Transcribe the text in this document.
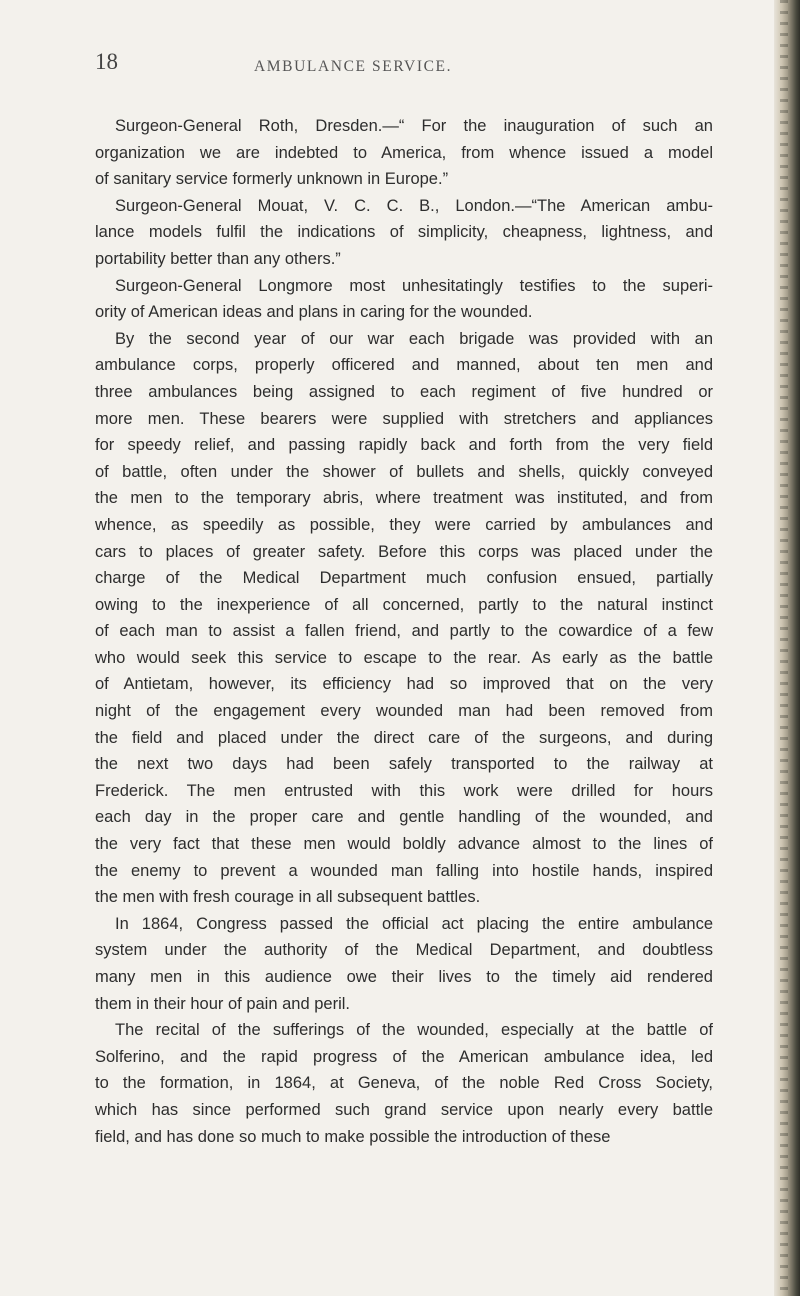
18	AMBULANCE SERVICE.
Surgeon-General Roth, Dresden.—“ For the inauguration of such an
organization we are indebted to America, from whence issued a model
of sanitary service formerly unknown in Europe.”
Surgeon-General Mouat, V. C. C. B., London.—“The American ambu-
lance models fulfil the indications of simplicity, cheapness, lightness, and
portability better than any others.”
Surgeon-General Longmore most unhesitatingly testifies to the superi-
ority of American ideas and plans in caring for the wounded.
By the second year of our war each brigade was provided with an
ambulance corps, properly officered and manned, about ten men and
three ambulances being assigned to each regiment of five hundred or
more men. These bearers were supplied with stretchers and appliances
for speedy relief, and passing rapidly back and forth from the very field
of battle, often under the shower of bullets and shells, quickly conveyed
the men to the temporary abris, where treatment was instituted, and from
whence, as speedily as possible, they were carried by ambulances and
cars to places of greater safety. Before this corps was placed under the
charge of the Medical Department much confusion ensued, partially
owing to the inexperience of all concerned, partly to the natural instinct
of each man to assist a fallen friend, and partly to the cowardice of a few
who would seek this service to escape to the rear. As early as the battle
of Antietam, however, its efficiency had so improved that on the very
night of the engagement every wounded man had been removed from
the field and placed under the direct care of the surgeons, and during
the next two days had been safely transported to the railway at
Frederick. The men entrusted with this work were drilled for hours
each day in the proper care and gentle handling of the wounded, and
the very fact that these men would boldly advance almost to the lines of
the enemy to prevent a wounded man falling into hostile hands, inspired
the men with fresh courage in all subsequent battles.
In 1864, Congress passed the official act placing the entire ambulance
system under the authority of the Medical Department, and doubtless
many men in this audience owe their lives to the timely aid rendered
them in their hour of pain and peril.
The recital of the sufferings of the wounded, especially at the battle of
Solferino, and the rapid progress of the American ambulance idea, led
to the formation, in 1864, at Geneva, of the noble Red Cross Society,
which has since performed such grand service upon nearly every battle
field, and has done so much to make possible the introduction of these
